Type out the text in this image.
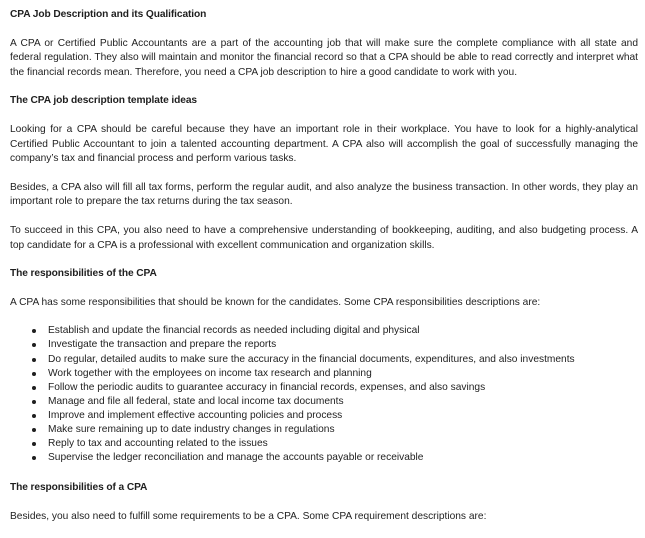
CPA Job Description and its Qualification

A CPA or Certified Public Accountants are a part of the accounting job that will make sure the complete compliance with all state and federal regulation. They also will maintain and monitor the financial record so that a CPA should be able to read correctly and interpret what the financial records mean. Therefore, you need a CPA job description to hire a good candidate to work with you.

The CPA job description template ideas

Looking for a CPA should be careful because they have an important role in their workplace. You have to look for a highly-analytical Certified Public Accountant to join a talented accounting department. A CPA also will accomplish the goal of successfully managing the company’s tax and financial process and perform various tasks.

Besides, a CPA also will fill all tax forms, perform the regular audit, and also analyze the business transaction. In other words, they play an important role to prepare the tax returns during the tax season.

To succeed in this CPA, you also need to have a comprehensive understanding of bookkeeping, auditing, and also budgeting process. A top candidate for a CPA is a professional with excellent communication and organization skills.

The responsibilities of the CPA

A CPA has some responsibilities that should be known for the candidates. Some CPA responsibilities descriptions are:

Establish and update the financial records as needed including digital and physical
Investigate the transaction and prepare the reports
Do regular, detailed audits to make sure the accuracy in the financial documents, expenditures, and also investments
Work together with the employees on income tax research and planning
Follow the periodic audits to guarantee accuracy in financial records, expenses, and also savings
Manage and file all federal, state and local income tax documents
Improve and implement effective accounting policies and process
Make sure remaining up to date industry changes in regulations
Reply to tax and accounting related to the issues
Supervise the ledger reconciliation and manage the accounts payable or receivable
The responsibilities of a CPA

Besides, you also need to fulfill some requirements to be a CPA. Some CPA requirement descriptions are:
